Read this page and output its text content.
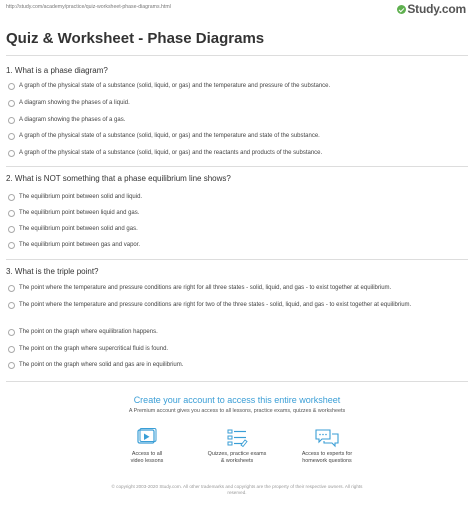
http://study.com/academy/practice/quiz-worksheet-phase-diagrams.html	Study.com
Quiz & Worksheet - Phase Diagrams
1. What is a phase diagram?
A graph of the physical state of a substance (solid, liquid, or gas) and the temperature and pressure of the substance.
A diagram showing the phases of a liquid.
A diagram showing the phases of a gas.
A graph of the physical state of a substance (solid, liquid, or gas) and the temperature and state of the substance.
A graph of the physical state of a substance (solid, liquid, or gas) and the reactants and products of the substance.
2. What is NOT something that a phase equilibrium line shows?
The equilibrium point between solid and liquid.
The equilibrium point between liquid and gas.
The equilibrium point between solid and gas.
The equilibrium point between gas and vapor.
3. What is the triple point?
The point where the temperature and pressure conditions are right for all three states - solid, liquid, and gas - to exist together at equilibrium.
The point where the temperature and pressure conditions are right for two of the three states - solid, liquid, and gas - to exist together at equilibrium.
The point on the graph where equilibration happens.
The point on the graph where supercritical fluid is found.
The point on the graph where solid and gas are in equilibrium.
Create your account to access this entire worksheet
A Premium account gives you access to all lessons, practice exams, quizzes & worksheets
Access to all
video lessons
Quizzes, practice exams
& worksheets
Access to experts for
homework questions
© copyright 2003-2020 Study.com. All other trademarks and copyrights are the property of their respective owners. All rights
reserved.
